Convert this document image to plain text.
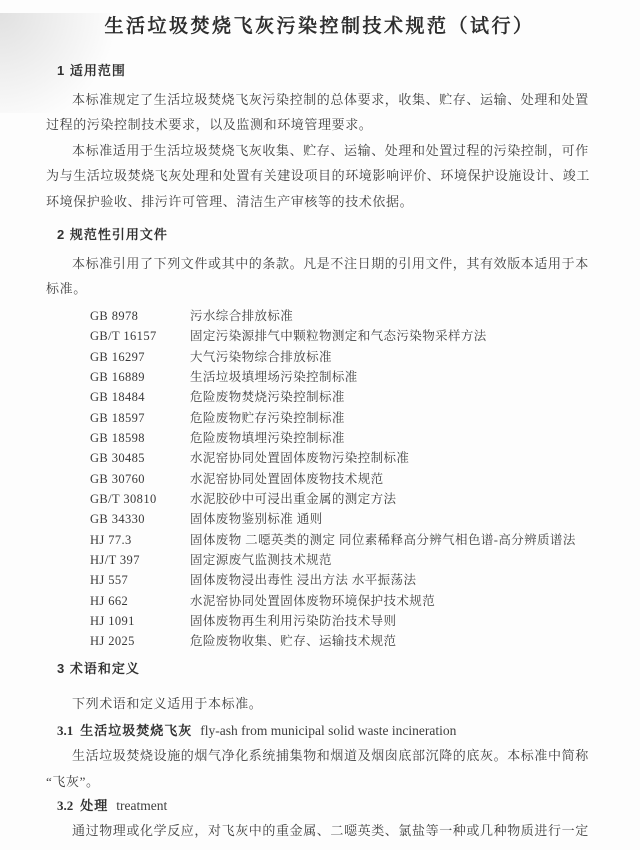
生活垃圾焚烧飞灰污染控制技术规范（试行）
1 适用范围
本标准规定了生活垃圾焚烧飞灰污染控制的总体要求，收集、贮存、运输、处理和处置
过程的污染控制技术要求，以及监测和环境管理要求。
本标准适用于生活垃圾焚烧飞灰收集、贮存、运输、处理和处置过程的污染控制，可作
为与生活垃圾焚烧飞灰处理和处置有关建设项目的环境影响评价、环境保护设施设计、竣工
环境保护验收、排污许可管理、清洁生产审核等的技术依据。
2 规范性引用文件
本标准引用了下列文件或其中的条款。凡是不注日期的引用文件，其有效版本适用于本
标准。
GB 8978	污水综合排放标准
GB/T 16157	固定污染源排气中颗粒物测定和气态污染物采样方法
GB 16297	大气污染物综合排放标准
GB 16889	生活垃圾填埋场污染控制标准
GB 18484	危险废物焚烧污染控制标准
GB 18597	危险废物贮存污染控制标准
GB 18598	危险废物填埋污染控制标准
GB 30485	水泥窑协同处置固体废物污染控制标准
GB 30760	水泥窑协同处置固体废物技术规范
GB/T 30810	水泥胶砂中可浸出重金属的测定方法
GB 34330	固体废物鉴别标准 通则
HJ 77.3	固体废物 二噁英类的测定 同位素稀释高分辨气相色谱-高分辨质谱法
HJ/T 397	固定源废气监测技术规范
HJ 557	固体废物浸出毒性 浸出方法 水平振荡法
HJ 662	水泥窑协同处置固体废物环境保护技术规范
HJ 1091	固体废物再生利用污染防治技术导则
HJ 2025	危险废物收集、贮存、运输技术规范
3 术语和定义
下列术语和定义适用于本标准。
3.1 生活垃圾焚烧飞灰 fly-ash from municipal solid waste incineration
生活垃圾焚烧设施的烟气净化系统捕集物和烟道及烟囱底部沉降的底灰。本标准中简称
“飞灰”。
3.2 处理 treatment
通过物理或化学反应，对飞灰中的重金属、二噁英类、氯盐等一种或几种物质进行一定
